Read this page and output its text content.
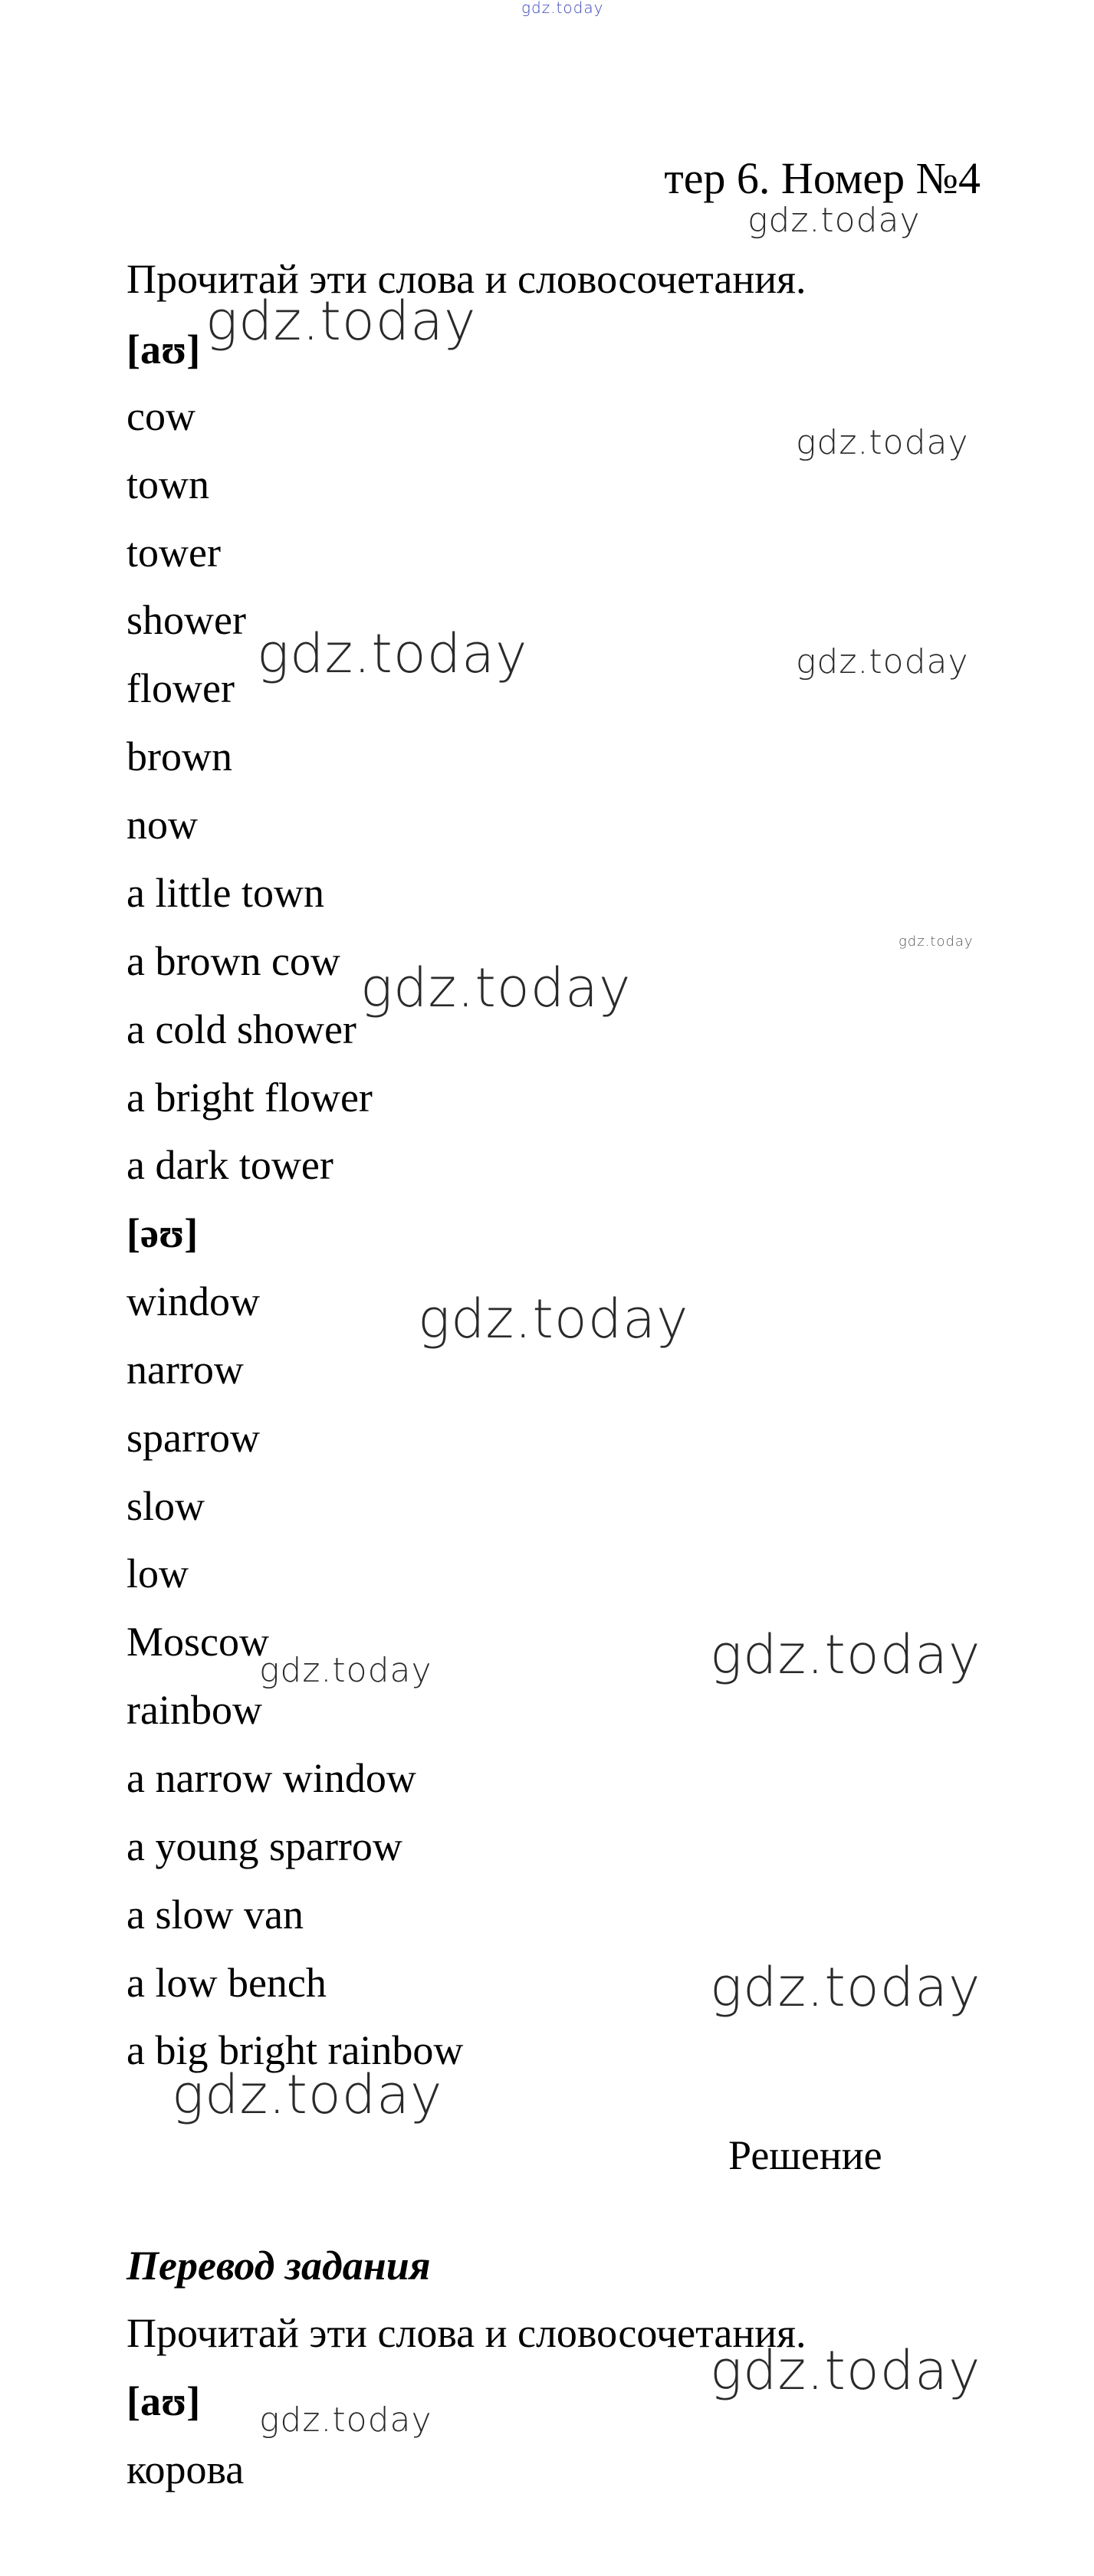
тер 6. Номер №4
Прочитай эти слова и словосочетания.
[aʊ]
cow
town
tower
shower
flower
brown
now
a little town
a brown cow
a cold shower
a bright flower
a dark tower
[əʊ]
window
narrow
sparrow
slow
low
Moscow
rainbow
a narrow window
a young sparrow
a slow van
a low bench
a big bright rainbow
Решение
Перевод задания
Прочитай эти слова и словосочетания.
[aʊ]
корова
gdz.today
gdz.today
gdz.today
gdz.today
gdz.today	gdz.today
gdz.today
gdz.today
gdz.today
gdz.today
gdz.today
gdz.today
gdz.today
gdz.today
gdz.today
